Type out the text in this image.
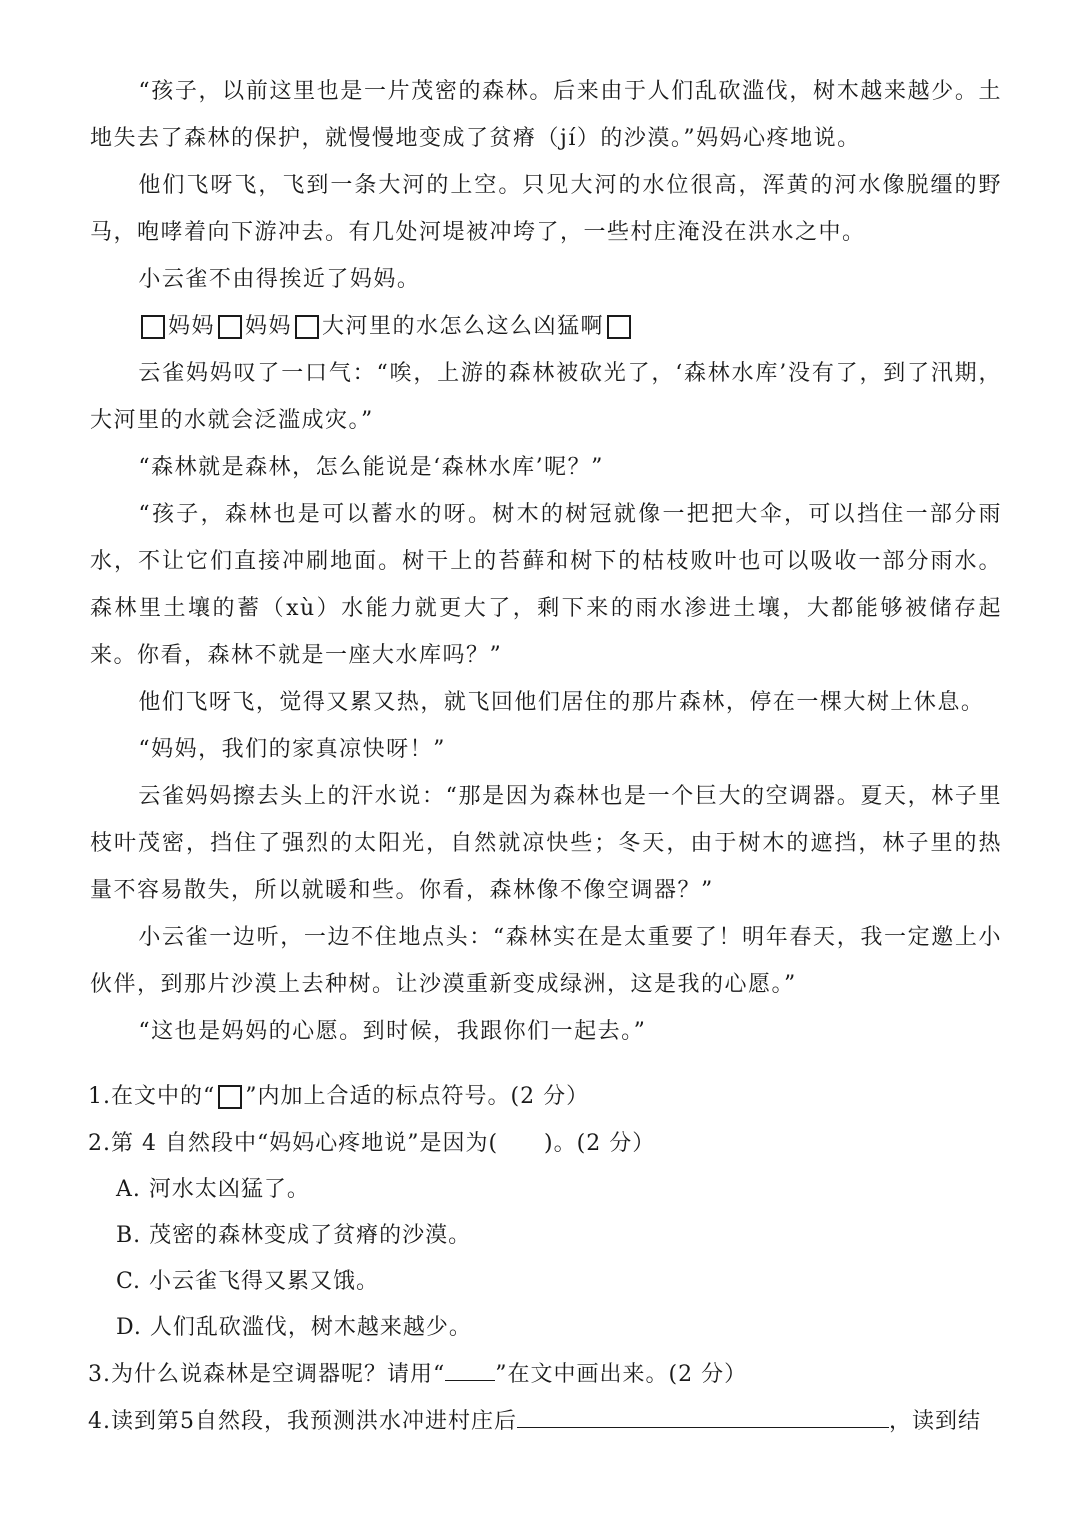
“孩子，以前这里也是一片茂密的森林。后来由于人们乱砍滥伐，树木越来越少。土地失去了森林的保护，就慢慢地变成了贫瘠（jí）的沙漠。”妈妈心疼地说。

他们飞呀飞，飞到一条大河的上空。只见大河的水位很高，浑黄的河水像脱缰的野马，咆哮着向下游冲去。有几处河堤被冲垮了，一些村庄淹没在洪水之中。

小云雀不由得挨近了妈妈。

妈妈 妈妈 大河里的水怎么这么凶猛啊

云雀妈妈叹了一口气：“唉，上游的森林被砍光了，‘森林水库’没有了，到了汛期，大河里的水就会泛滥成灾。”

“森林就是森林，怎么能说是‘森林水库’呢？”

“孩子，森林也是可以蓄水的呀。树木的树冠就像一把把大伞，可以挡住一部分雨水，不让它们直接冲刷地面。树干上的苔藓和树下的枯枝败叶也可以吸收一部分雨水。森林里土壤的蓄（xù）水能力就更大了，剩下来的雨水渗进土壤，大都能够被储存起来。你看，森林不就是一座大水库吗？”

他们飞呀飞，觉得又累又热，就飞回他们居住的那片森林，停在一棵大树上休息。

“妈妈，我们的家真凉快呀！”

云雀妈妈擦去头上的汗水说：“那是因为森林也是一个巨大的空调器。夏天，林子里枝叶茂密，挡住了强烈的太阳光，自然就凉快些；冬天，由于树木的遮挡，林子里的热量不容易散失，所以就暖和些。你看，森林像不像空调器？”

小云雀一边听，一边不住地点头：“森林实在是太重要了！明年春天，我一定邀上小伙伴，到那片沙漠上去种树。让沙漠重新变成绿洲，这是我的心愿。”

“这也是妈妈的心愿。到时候，我跟你们一起去。”

1.在文中的“ ”内加上合适的标点符号。(2 分）
2.第 4 自然段中“妈妈心疼地说”是因为(　　)。(2 分）
A. 河水太凶猛了。
B. 茂密的森林变成了贫瘠的沙漠。
C. 小云雀飞得又累又饿。
D. 人们乱砍滥伐，树木越来越少。
3.为什么说森林是空调器呢？请用“ ”在文中画出来。(2 分）
4.读到第5自然段，我预测洪水冲进村庄后	，读到结
